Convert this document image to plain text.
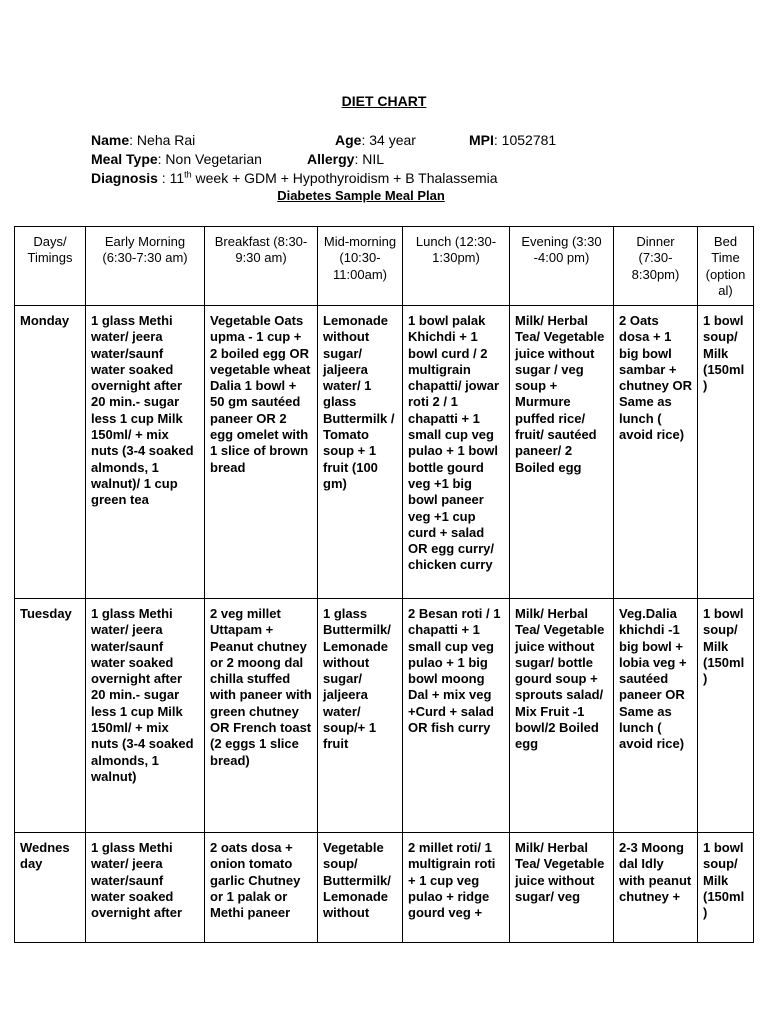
DIET CHART
Name: Neha Rai	Age: 34 year	MPI: 1052781
Meal Type: Non Vegetarian	Allergy: NIL
Diagnosis : 11th week + GDM + Hypothyroidism + B Thalassemia
Diabetes Sample Meal Plan
Days/ Timings	Early Morning (6:30-7:30 am)	Breakfast (8:30-9:30 am)	Mid-morning (10:30-11:00am)	Lunch (12:30-1:30pm)	Evening (3:30 -4:00 pm)	Dinner (7:30-8:30pm)	Bed Time (optional)
Monday	1 glass Methi water/ jeera water/saunf water soaked overnight after 20 min.- sugar less 1 cup Milk 150ml/ + mix nuts (3-4 soaked almonds, 1 walnut)/ 1 cup green tea	Vegetable Oats upma - 1 cup + 2 boiled egg OR vegetable wheat Dalia 1 bowl + 50 gm sautéed paneer OR 2 egg omelet with 1 slice of brown bread	Lemonade without sugar/ jaljeera water/ 1 glass Buttermilk / Tomato soup + 1 fruit (100 gm)	1 bowl palak Khichdi + 1 bowl curd / 2 multigrain chapatti/ jowar roti 2 / 1 chapatti + 1 small cup veg pulao + 1 bowl bottle gourd veg +1 big bowl paneer veg +1 cup curd + salad OR egg curry/ chicken curry	Milk/ Herbal Tea/ Vegetable juice without sugar / veg soup + Murmure puffed rice/ fruit/ sautéed paneer/ 2 Boiled egg	2 Oats dosa + 1 big bowl sambar + chutney OR Same as lunch ( avoid rice)	1 bowl soup/ Milk (150ml)
Tuesday	1 glass Methi water/ jeera water/saunf water soaked overnight after 20 min.- sugar less 1 cup Milk 150ml/ + mix nuts (3-4 soaked almonds, 1 walnut)	2 veg millet Uttapam + Peanut chutney or 2 moong dal chilla stuffed with paneer with green chutney OR French toast (2 eggs 1 slice bread)	1 glass Buttermilk/ Lemonade without sugar/ jaljeera water/ soup/+ 1 fruit	2 Besan roti / 1 chapatti + 1 small cup veg pulao + 1 big bowl moong Dal + mix veg +Curd + salad OR fish curry	Milk/ Herbal Tea/ Vegetable juice without sugar/ bottle gourd soup + sprouts salad/ Mix Fruit -1 bowl/2 Boiled egg	Veg.Dalia khichdi -1 big bowl + lobia veg + sautéed paneer OR Same as lunch ( avoid rice)	1 bowl soup/ Milk (150ml)
Wednes day	1 glass Methi water/ jeera water/saunf water soaked overnight after	2 oats dosa + onion tomato garlic Chutney or 1 palak or Methi paneer	Vegetable soup/ Buttermilk/ Lemonade without	2 millet roti/ 1 multigrain roti + 1 cup veg pulao + ridge gourd veg +	Milk/ Herbal Tea/ Vegetable juice without sugar/ veg	2-3 Moong dal Idly with peanut chutney +	1 bowl soup/ Milk (150ml)
